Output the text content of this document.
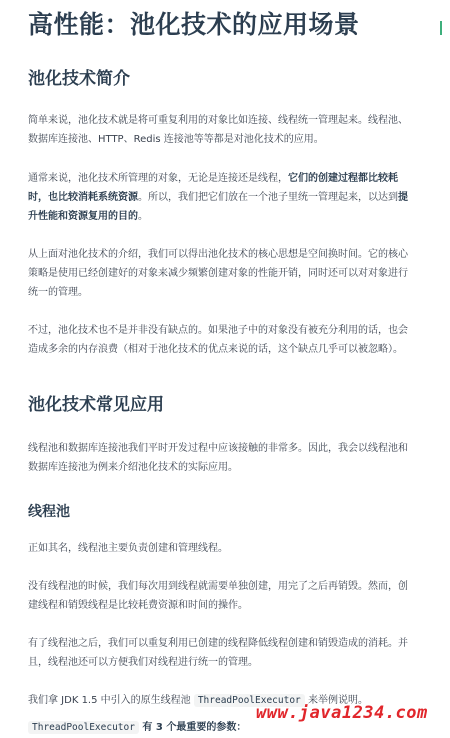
高性能：池化技术的应用场景
池化技术简介

简单来说，池化技术就是将可重复利用的对象比如连接、线程统一管理起来。线程池、数据库连接池、HTTP、Redis 连接池等等都是对池化技术的应用。

通常来说，池化技术所管理的对象，无论是连接还是线程，它们的创建过程都比较耗时，也比较消耗系统资源。所以，我们把它们放在一个池子里统一管理起来，以达到提升性能和资源复用的目的。

从上面对池化技术的介绍，我们可以得出池化技术的核心思想是空间换时间。它的核心策略是使用已经创建好的对象来减少频繁创建对象的性能开销，同时还可以对对象进行统一的管理。

不过，池化技术也不是并非没有缺点的。如果池子中的对象没有被充分利用的话，也会造成多余的内存浪费（相对于池化技术的优点来说的话，这个缺点几乎可以被忽略）。

池化技术常见应用

线程池和数据库连接池我们平时开发过程中应该接触的非常多。因此，我会以线程池和数据库连接池为例来介绍池化技术的实际应用。

线程池

正如其名，线程池主要负责创建和管理线程。

没有线程池的时候，我们每次用到线程就需要单独创建，用完了之后再销毁。然而，创建线程和销毁线程是比较耗费资源和时间的操作。

有了线程池之后，我们可以重复利用已创建的线程降低线程创建和销毁造成的消耗。并且，线程池还可以方便我们对线程进行统一的管理。

我们拿 JDK 1.5 中引入的原生线程池 ThreadPoolExecutor 来举例说明。

ThreadPoolExecutor 有 3 个最重要的参数：

www.java1234.com
